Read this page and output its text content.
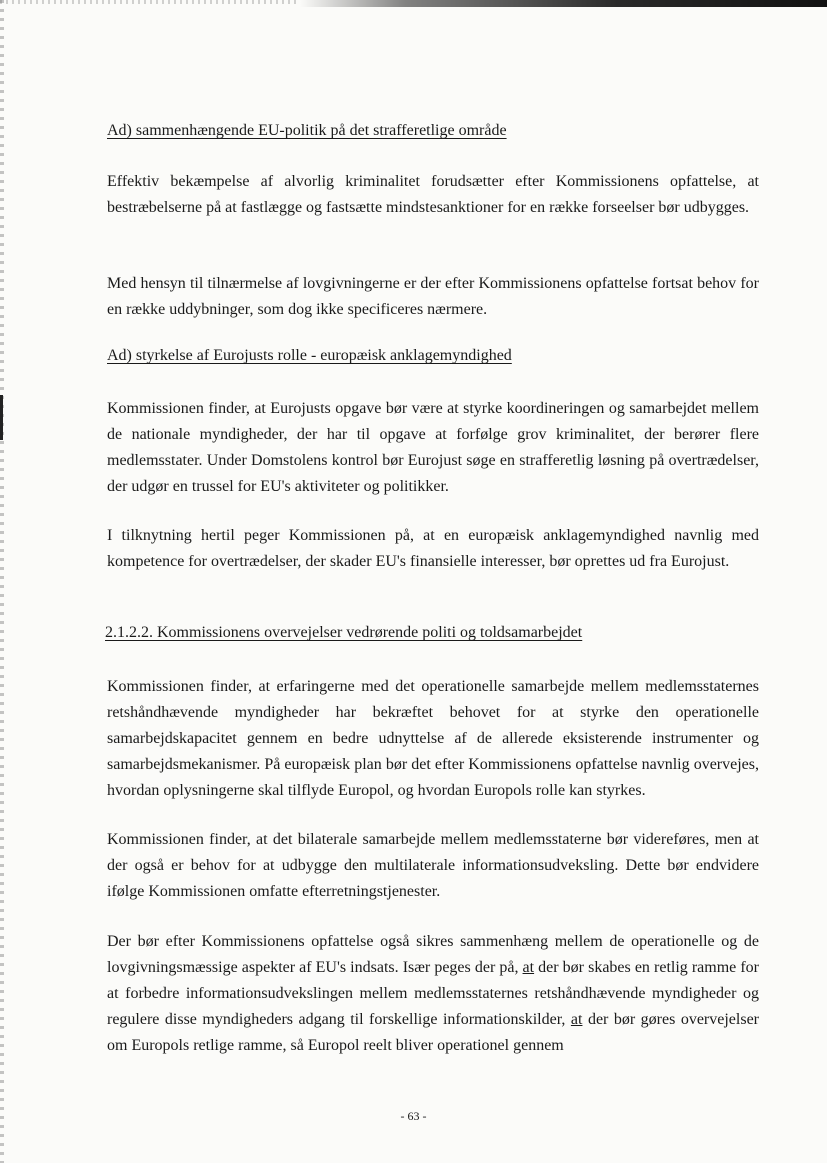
Ad) sammenhængende EU-politik på det strafferetlige område

Effektiv bekæmpelse af alvorlig kriminalitet forudsætter efter Kommissionens opfattelse, at bestræbelserne på at fastlægge og fastsætte mindstesanktioner for en række forseelser bør udbygges.

Med hensyn til tilnærmelse af lovgivningerne er der efter Kommissionens opfattelse fortsat behov for en række uddybninger, som dog ikke specificeres nærmere.

Ad) styrkelse af Eurojusts rolle - europæisk anklagemyndighed

Kommissionen finder, at Eurojusts opgave bør være at styrke koordineringen og samarbejdet mellem de nationale myndigheder, der har til opgave at forfølge grov kriminalitet, der berører flere medlemsstater. Under Domstolens kontrol bør Eurojust søge en strafferetlig løsning på overtrædelser, der udgør en trussel for EU's aktiviteter og politikker.

I tilknytning hertil peger Kommissionen på, at en europæisk anklagemyndighed navnlig med kompetence for overtrædelser, der skader EU's finansielle interesser, bør oprettes ud fra Eurojust.

2.1.2.2. Kommissionens overvejelser vedrørende politi og toldsamarbejdet

Kommissionen finder, at erfaringerne med det operationelle samarbejde mellem medlemsstaternes retshåndhævende myndigheder har bekræftet behovet for at styrke den operationelle samarbejdskapacitet gennem en bedre udnyttelse af de allerede eksisterende instrumenter og samarbejdsmekanismer. På europæisk plan bør det efter Kommissionens opfattelse navnlig overvejes, hvordan oplysningerne skal tilflyde Europol, og hvordan Europols rolle kan styrkes.

Kommissionen finder, at det bilaterale samarbejde mellem medlemsstaterne bør videreføres, men at der også er behov for at udbygge den multilaterale informationsudveksling. Dette bør endvidere ifølge Kommissionen omfatte efterretningstjenester.

Der bør efter Kommissionens opfattelse også sikres sammenhæng mellem de operationelle og de lovgivningsmæssige aspekter af EU's indsats. Især peges der på, at der bør skabes en retlig ramme for at forbedre informationsudvekslingen mellem medlemsstaternes retshåndhævende myndigheder og regulere disse myndigheders adgang til forskellige informationskilder, at der bør gøres overvejelser om Europols retlige ramme, så Europol reelt bliver operationel gennem

- 63 -
